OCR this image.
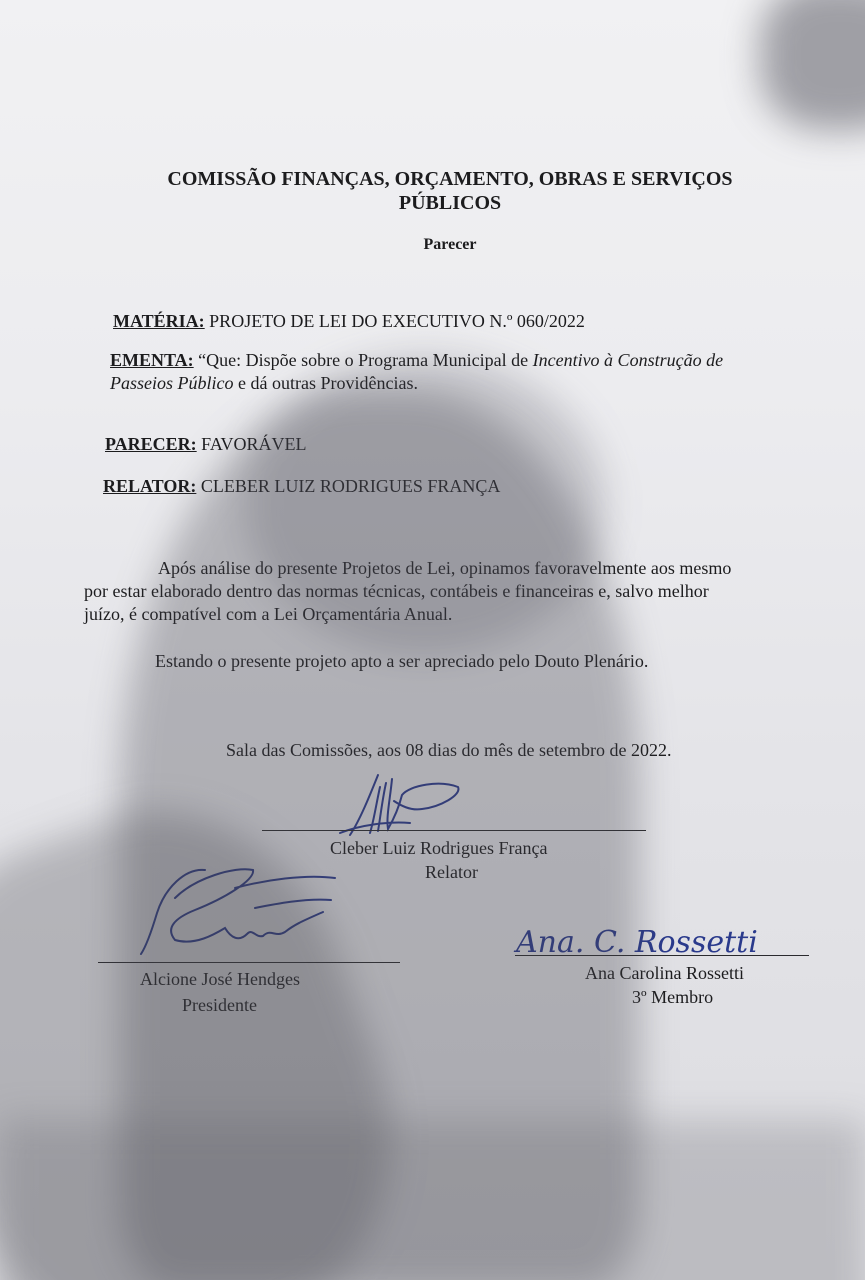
COMISSÃO FINANÇAS, ORÇAMENTO, OBRAS E SERVIÇOS
PÚBLICOS
Parecer
MATÉRIA: PROJETO DE LEI DO EXECUTIVO N.º 060/2022
EMENTA: “Que: Dispõe sobre o Programa Municipal de Incentivo à Construção de
Passeios Público e dá outras Providências.
PARECER: FAVORÁVEL
RELATOR: CLEBER LUIZ RODRIGUES FRANÇA
Após análise do presente Projetos de Lei, opinamos favoravelmente aos mesmo
por estar elaborado dentro das normas técnicas, contábeis e financeiras e, salvo melhor
juízo, é compatível com a Lei Orçamentária Anual.
Estando o presente projeto apto a ser apreciado pelo Douto Plenário.
Sala das Comissões, aos 08 dias do mês de setembro de 2022.
Cleber Luiz Rodrigues França
Relator
Alcione José Hendges
Presidente
Ana. C. Rossetti
Ana Carolina Rossetti
3º Membro
